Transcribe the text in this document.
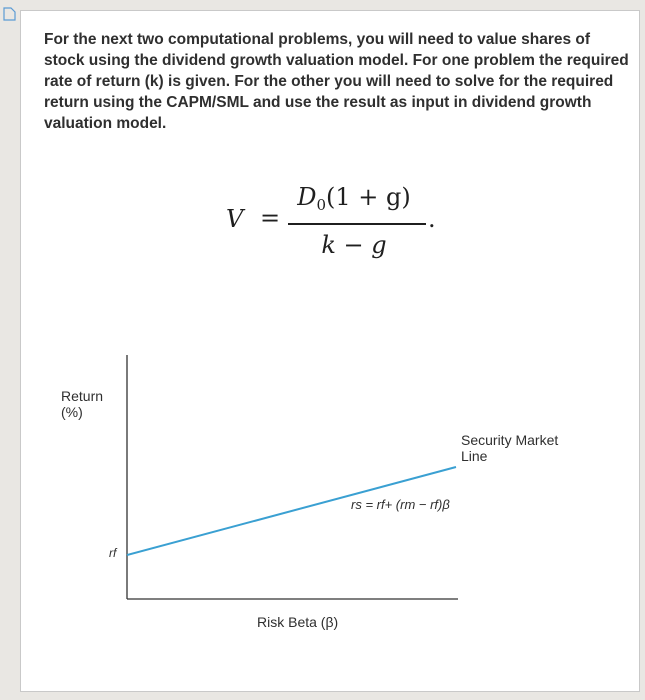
For the next two computational problems, you will need to value shares of stock using the dividend growth valuation model. For one problem the required rate of return (k) is given. For the other you will need to solve for the required return using the CAPM/SML and use the result as input in dividend growth valuation model.

V =
$D_0(1 + g)$
k − g
.
Return
(%)
rf
Security Market
Line
rs = rf+ (rm − rf)β
Risk Beta (β)
